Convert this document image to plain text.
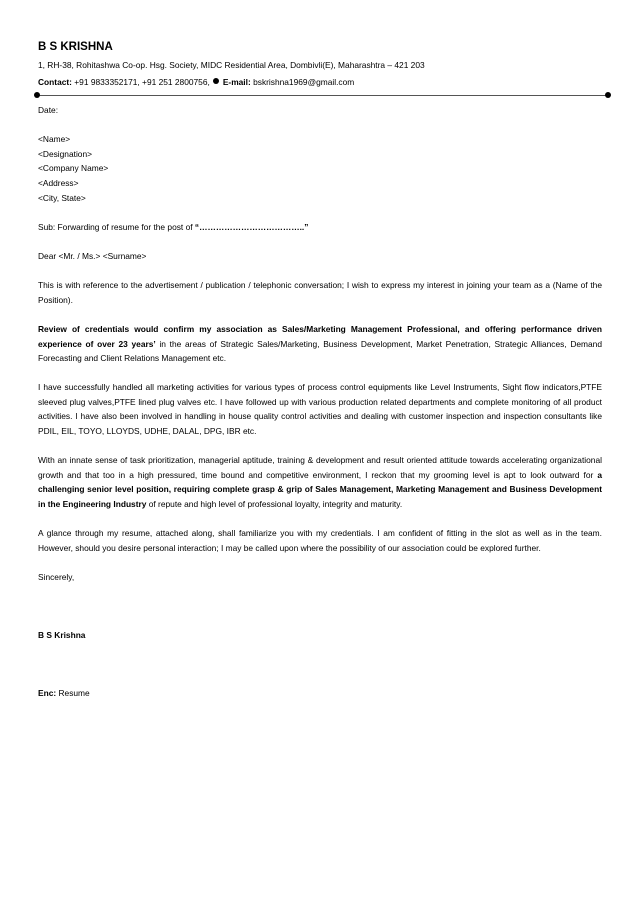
B S KRISHNA
1, RH-38, Rohitashwa Co-op. Hsg. Society, MIDC Residential Area, Dombivli(E), Maharashtra – 421 203
Contact: +91 9833352171, +91 251 2800756, E-mail: bskrishna1969@gmail.com

Date:

<Name>

<Designation>

<Company Name>

<Address>

<City, State>

Sub: Forwarding of resume for the post of “………………………………..”

Dear <Mr. / Ms.> <Surname>

This is with reference to the advertisement / publication / telephonic conversation; I wish to express my interest in joining your team as a (Name of the Position).

Review of credentials would confirm my association as Sales/Marketing Management Professional, and offering performance driven experience of over 23 years’ in the areas of Strategic Sales/Marketing, Business Development, Market Penetration, Strategic Alliances, Demand Forecasting and Client Relations Management etc.

I have successfully handled all marketing activities for various types of process control equipments like Level Instruments, Sight flow indicators,PTFE sleeved plug valves,PTFE lined plug valves etc. I have followed up with various production related departments and complete monitoring of all product activities. I have also been involved in handling in house quality control activities and dealing with customer inspection and inspection consultants like PDIL, EIL, TOYO, LLOYDS, UDHE, DALAL, DPG, IBR etc.

With an innate sense of task prioritization, managerial aptitude, training & development and result oriented attitude towards accelerating organizational growth and that too in a high pressured, time bound and competitive environment, I reckon that my grooming level is apt to look outward for a challenging senior level position, requiring complete grasp & grip of Sales Management, Marketing Management and Business Development in the Engineering Industry of repute and high level of professional loyalty, integrity and maturity.

A glance through my resume, attached along, shall familiarize you with my credentials. I am confident of fitting in the slot as well as in the team. However, should you desire personal interaction; I may be called upon where the possibility of our association could be explored further.

Sincerely,

B S Krishna

Enc: Resume
